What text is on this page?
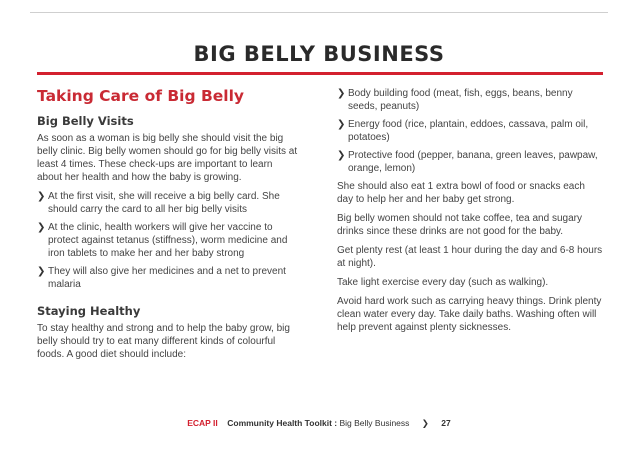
BIG BELLY BUSINESS
Taking Care of Big Belly
Big Belly Visits

As soon as a woman is big belly she should visit the big belly clinic. Big belly women should go for big belly visits at least 4 times. These check-ups are important to learn about her health and how the baby is growing.

❯ At the first visit, she will receive a big belly card. She should carry the card to all her big belly visits
❯ At the clinic, health workers will give her vaccine to protect against tetanus (stiffness), worm medicine and iron tablets to make her and her baby strong
❯ They will also give her medicines and a net to prevent malaria
Staying Healthy

To stay healthy and strong and to help the baby grow, big belly should try to eat many different kinds of colourful foods. A good diet should include:

❯ Body building food (meat, fish, eggs, beans, benny seeds, peanuts)
❯ Energy food (rice, plantain, eddoes, cassava, palm oil, potatoes)
❯ Protective food (pepper, banana, green leaves, pawpaw, orange, lemon)

She should also eat 1 extra bowl of food or snacks each day to help her and her baby get strong.

Big belly women should not take coffee, tea and sugary drinks since these drinks are not good for the baby.

Get plenty rest (at least 1 hour during the day and 6-8 hours at night).

Take light exercise every day (such as walking).

Avoid hard work such as carrying heavy things. Drink plenty clean water every day. Take daily baths. Washing often will help prevent against plenty sicknesses.

ECAP II Community Health Toolkit : Big Belly Business ❯ 27
